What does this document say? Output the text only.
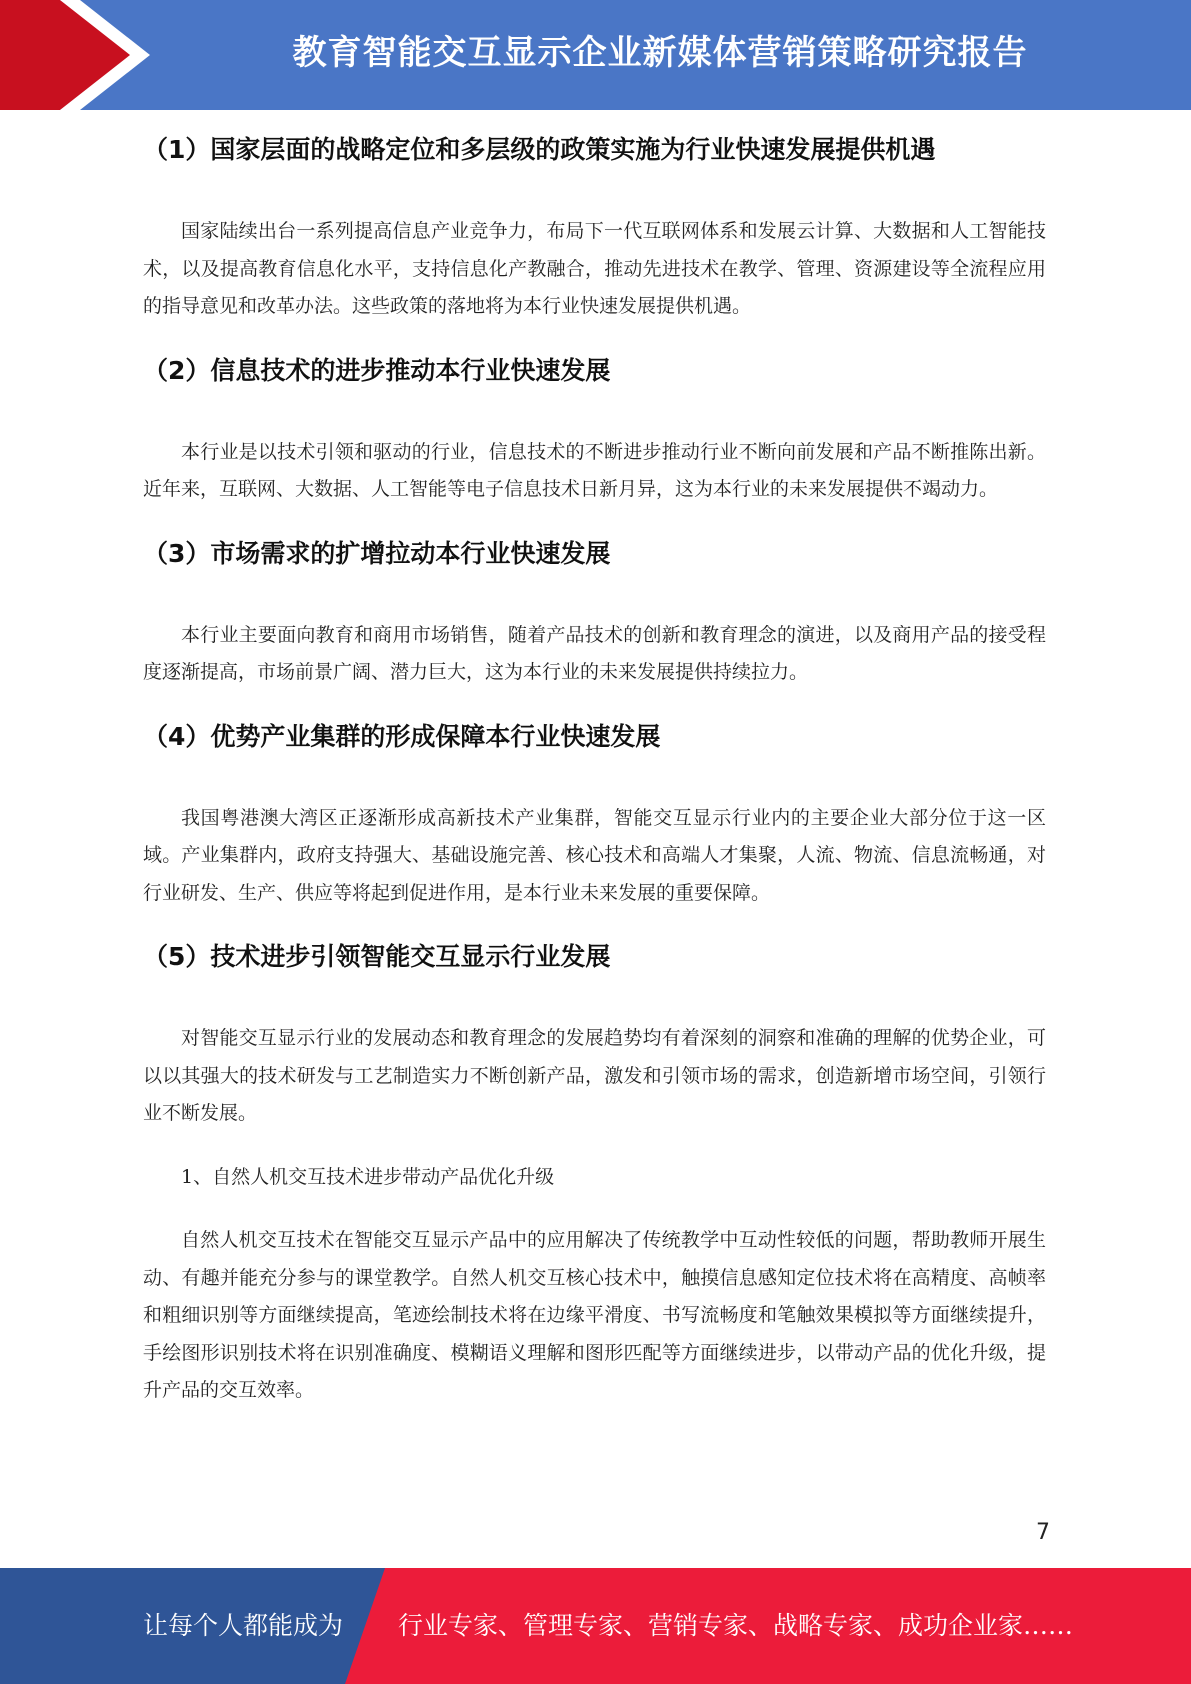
教育智能交互显示企业新媒体营销策略研究报告
（1）国家层面的战略定位和多层级的政策实施为行业快速发展提供机遇

国家陆续出台一系列提高信息产业竞争力，布局下一代互联网体系和发展云计算、大数据和人工智能技术，以及提高教育信息化水平，支持信息化产教融合，推动先进技术在教学、管理、资源建设等全流程应用的指导意见和改革办法。这些政策的落地将为本行业快速发展提供机遇。

（2）信息技术的进步推动本行业快速发展

本行业是以技术引领和驱动的行业，信息技术的不断进步推动行业不断向前发展和产品不断推陈出新。近年来，互联网、大数据、人工智能等电子信息技术日新月异，这为本行业的未来发展提供不竭动力。

（3）市场需求的扩增拉动本行业快速发展

本行业主要面向教育和商用市场销售，随着产品技术的创新和教育理念的演进，以及商用产品的接受程度逐渐提高，市场前景广阔、潜力巨大，这为本行业的未来发展提供持续拉力。

（4）优势产业集群的形成保障本行业快速发展

我国粤港澳大湾区正逐渐形成高新技术产业集群，智能交互显示行业内的主要企业大部分位于这一区域。产业集群内，政府支持强大、基础设施完善、核心技术和高端人才集聚，人流、物流、信息流畅通，对行业研发、生产、供应等将起到促进作用，是本行业未来发展的重要保障。

（5）技术进步引领智能交互显示行业发展

对智能交互显示行业的发展动态和教育理念的发展趋势均有着深刻的洞察和准确的理解的优势企业，可以以其强大的技术研发与工艺制造实力不断创新产品，激发和引领市场的需求，创造新增市场空间，引领行业不断发展。

1、自然人机交互技术进步带动产品优化升级

自然人机交互技术在智能交互显示产品中的应用解决了传统教学中互动性较低的问题，帮助教师开展生动、有趣并能充分参与的课堂教学。自然人机交互核心技术中，触摸信息感知定位技术将在高精度、高帧率和粗细识别等方面继续提高，笔迹绘制技术将在边缘平滑度、书写流畅度和笔触效果模拟等方面继续提升，手绘图形识别技术将在识别准确度、模糊语义理解和图形匹配等方面继续进步，以带动产品的优化升级，提升产品的交互效率。

7
让每个人都能成为 行业专家、管理专家、营销专家、战略专家、成功企业家……
